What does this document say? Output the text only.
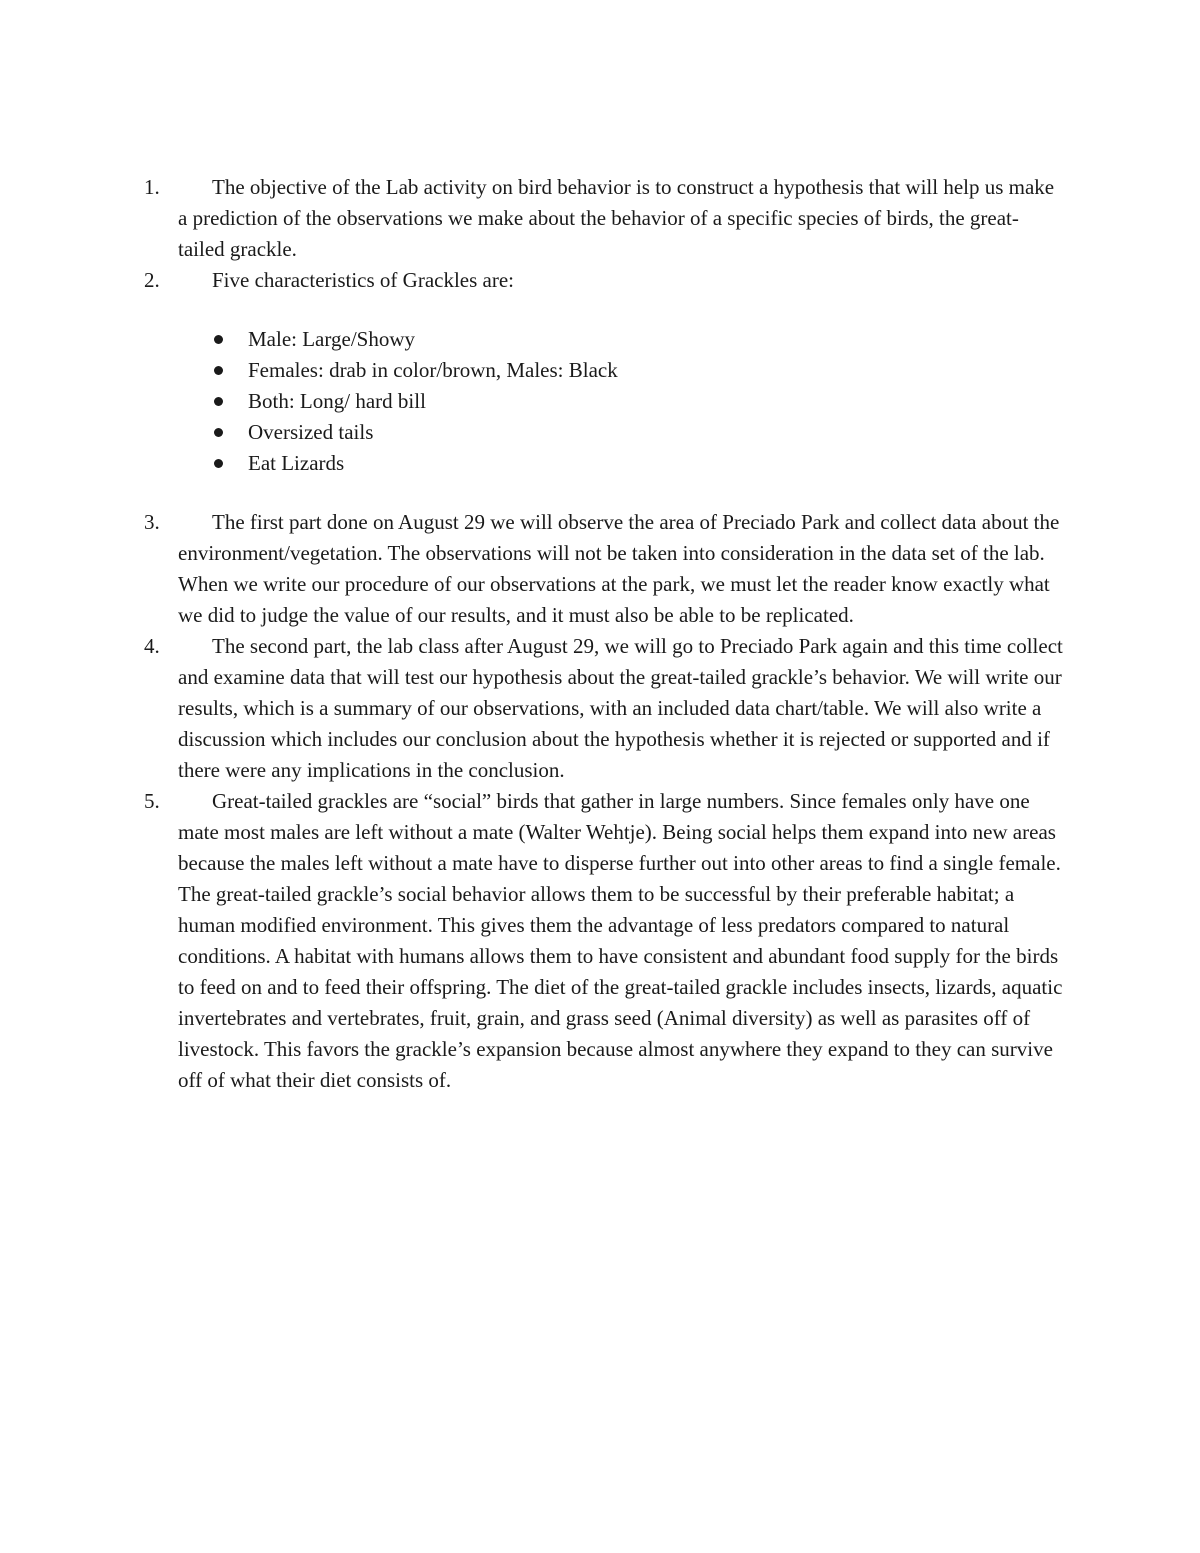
1.	The objective of the Lab activity on bird behavior is to construct a hypothesis that will help us make a prediction of the observations we make about the behavior of a specific species of birds, the great-tailed grackle.
2.	Five characteristics of Grackles are:
Male: Large/Showy
Females: drab in color/brown, Males: Black
Both: Long/ hard bill
Oversized tails
Eat Lizards
3.	The first part done on August 29 we will observe the area of Preciado Park and collect data about the environment/vegetation. The observations will not be taken into consideration in the data set of the lab. When we write our procedure of our observations at the park, we must let the reader know exactly what we did to judge the value of our results, and it must also be able to be replicated.
4.	The second part, the lab class after August 29, we will go to Preciado Park again and this time collect and examine data that will test our hypothesis about the great-tailed grackle’s behavior. We will write our results, which is a summary of our observations, with an included data chart/table. We will also write a discussion which includes our conclusion about the hypothesis whether it is rejected or supported and if there were any implications in the conclusion.
5.	Great-tailed grackles are “social” birds that gather in large numbers. Since females only have one mate most males are left without a mate (Walter Wehtje). Being social helps them expand into new areas because the males left without a mate have to disperse further out into other areas to find a single female. The great-tailed grackle’s social behavior allows them to be successful by their preferable habitat; a human modified environment. This gives them the advantage of less predators compared to natural conditions. A habitat with humans allows them to have consistent and abundant food supply for the birds to feed on and to feed their offspring. The diet of the great-tailed grackle includes insects, lizards, aquatic invertebrates and vertebrates, fruit, grain, and grass seed (Animal diversity) as well as parasites off of livestock. This favors the grackle’s expansion because almost anywhere they expand to they can survive off of what their diet consists of.
